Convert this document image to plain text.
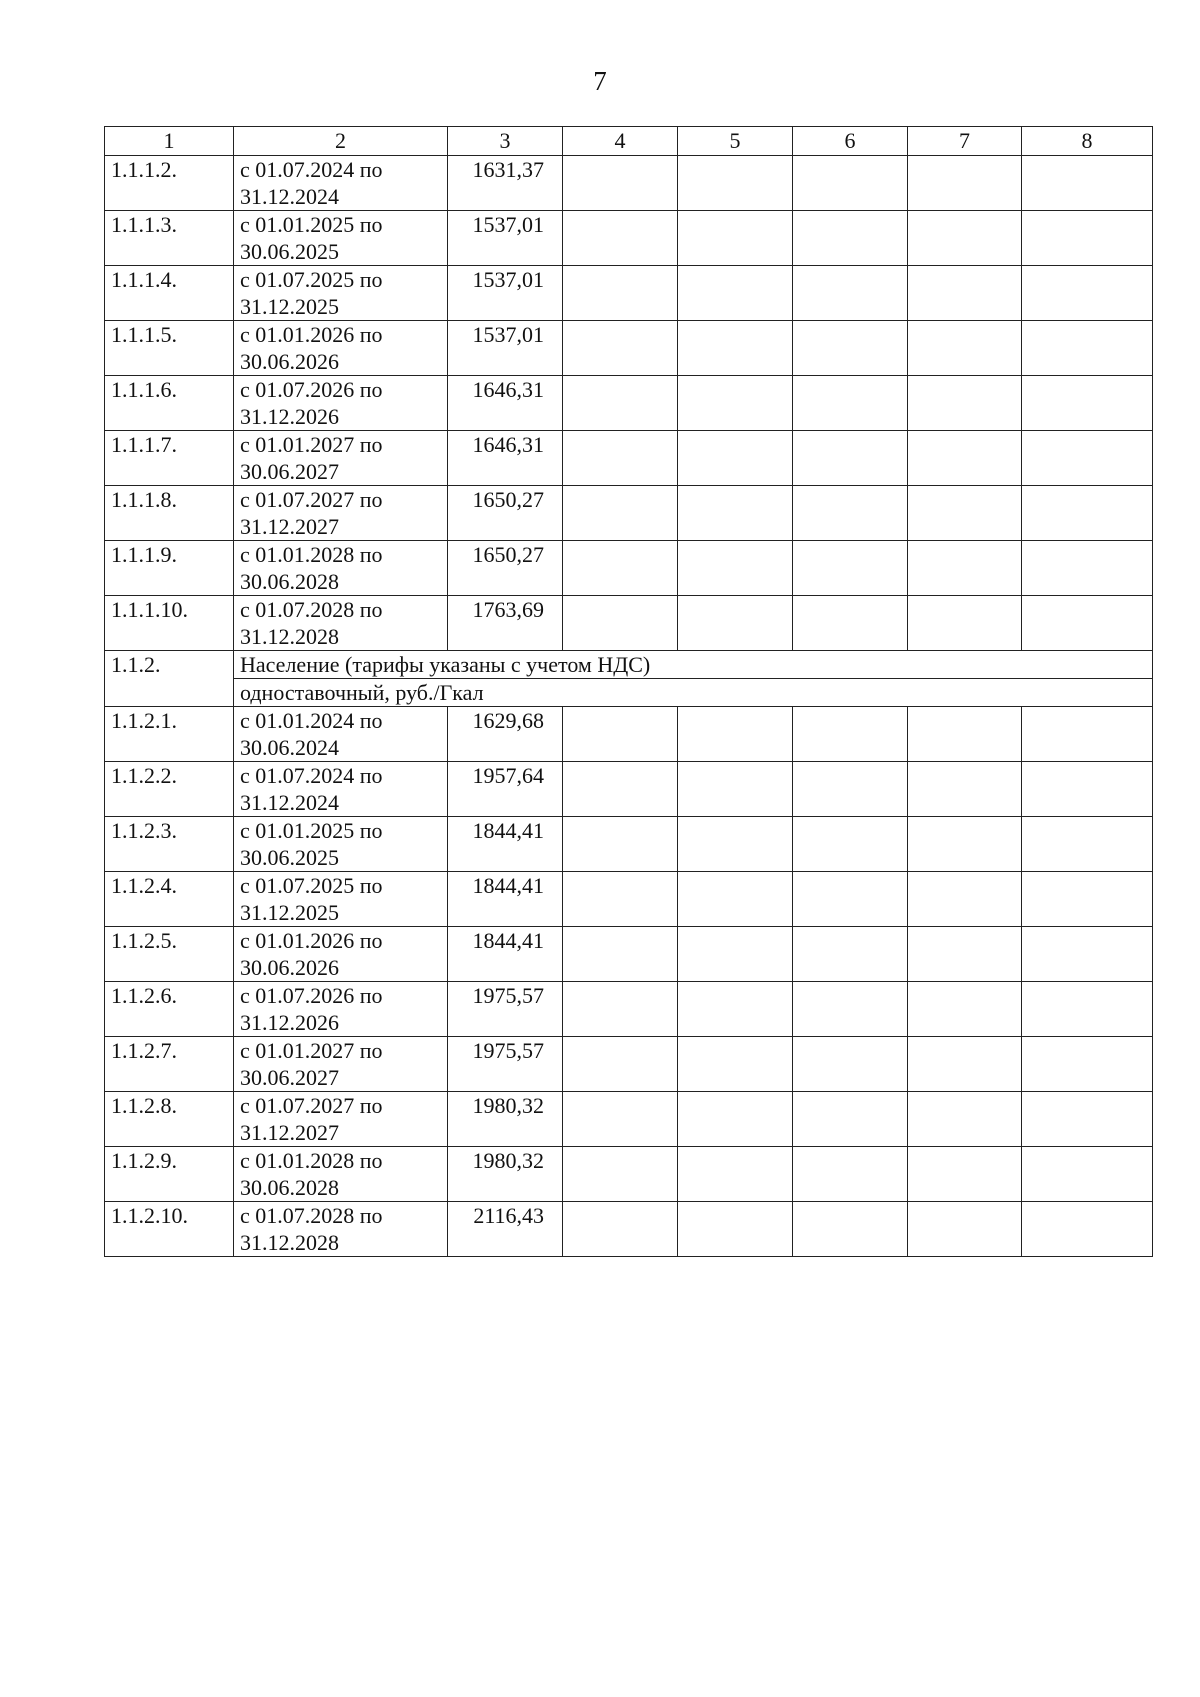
7
1	2	3	4	5	6	7	8
1.1.1.2.	с 01.07.2024 по
31.12.2024	1631,37					
1.1.1.3.	с 01.01.2025 по
30.06.2025	1537,01					
1.1.1.4.	с 01.07.2025 по
31.12.2025	1537,01					
1.1.1.5.	с 01.01.2026 по
30.06.2026	1537,01					
1.1.1.6.	с 01.07.2026 по
31.12.2026	1646,31					
1.1.1.7.	с 01.01.2027 по
30.06.2027	1646,31					
1.1.1.8.	с 01.07.2027 по
31.12.2027	1650,27					
1.1.1.9.	с 01.01.2028 по
30.06.2028	1650,27					
1.1.1.10.	с 01.07.2028 по
31.12.2028	1763,69					
1.1.2.	Население (тарифы указаны с учетом НДС)						
	одноставочный, руб./Гкал						
1.1.2.1.	с 01.01.2024 по
30.06.2024	1629,68					
1.1.2.2.	с 01.07.2024 по
31.12.2024	1957,64					
1.1.2.3.	с 01.01.2025 по
30.06.2025	1844,41					
1.1.2.4.	с 01.07.2025 по
31.12.2025	1844,41					
1.1.2.5.	с 01.01.2026 по
30.06.2026	1844,41					
1.1.2.6.	с 01.07.2026 по
31.12.2026	1975,57					
1.1.2.7.	с 01.01.2027 по
30.06.2027	1975,57					
1.1.2.8.	с 01.07.2027 по
31.12.2027	1980,32					
1.1.2.9.	с 01.01.2028 по
30.06.2028	1980,32					
1.1.2.10.	с 01.07.2028 по
31.12.2028	2116,43					
